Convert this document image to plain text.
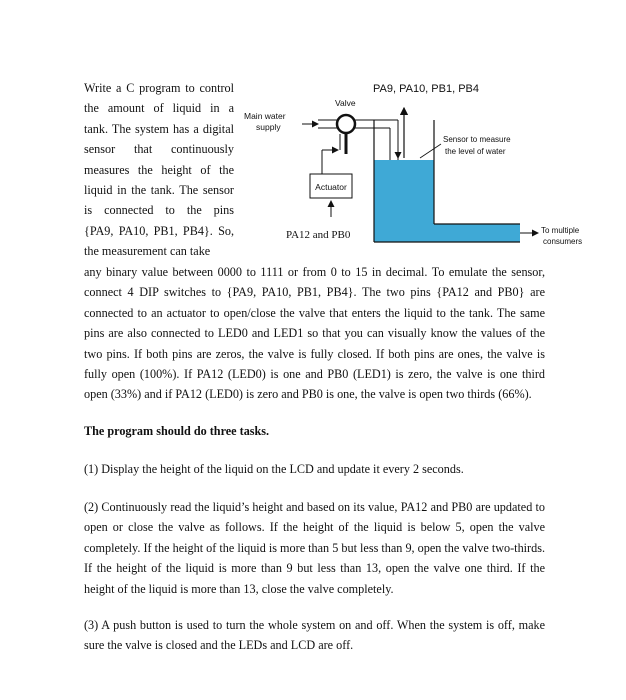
Write a C program to control
the amount of liquid in a
tank. The system has a digital
sensor that continuously
measures the height of the
liquid in the tank. The sensor
is connected to the pins
{PA9, PA10, PB1, PB4}. So,
the measurement can take
PA9, PA10, PB1, PB4
Valve
Main water supply
Actuator
PA12 and PB0
Sensor to measure the level of water
To multiple consumers
any binary value between 0000 to 1111 or from 0 to 15 in decimal. To emulate the sensor, connect 4 DIP switches to {PA9, PA10, PB1, PB4}. The two pins {PA12 and PB0} are connected to an actuator to open/close the valve that enters the liquid to the tank. The same pins are also connected to LED0 and LED1 so that you can visually know the values of the two pins. If both pins are zeros, the valve is fully closed. If both pins are ones, the valve is fully open (100%). If PA12 (LED0) is one and PB0 (LED1) is zero, the valve is one third open (33%) and if PA12 (LED0) is zero and PB0 is one, the valve is open two thirds (66%).
The program should do three tasks.
(1) Display the height of the liquid on the LCD and update it every 2 seconds.
(2) Continuously read the liquid’s height and based on its value, PA12 and PB0 are updated to open or close the valve as follows. If the height of the liquid is below 5, open the valve completely. If the height of the liquid is more than 5 but less than 9, open the valve two-thirds. If the height of the liquid is more than 9 but less than 13, open the valve one third. If the height of the liquid is more than 13, close the valve completely.
(3) A push button is used to turn the whole system on and off. When the system is off, make sure the valve is closed and the LEDs and LCD are off.
